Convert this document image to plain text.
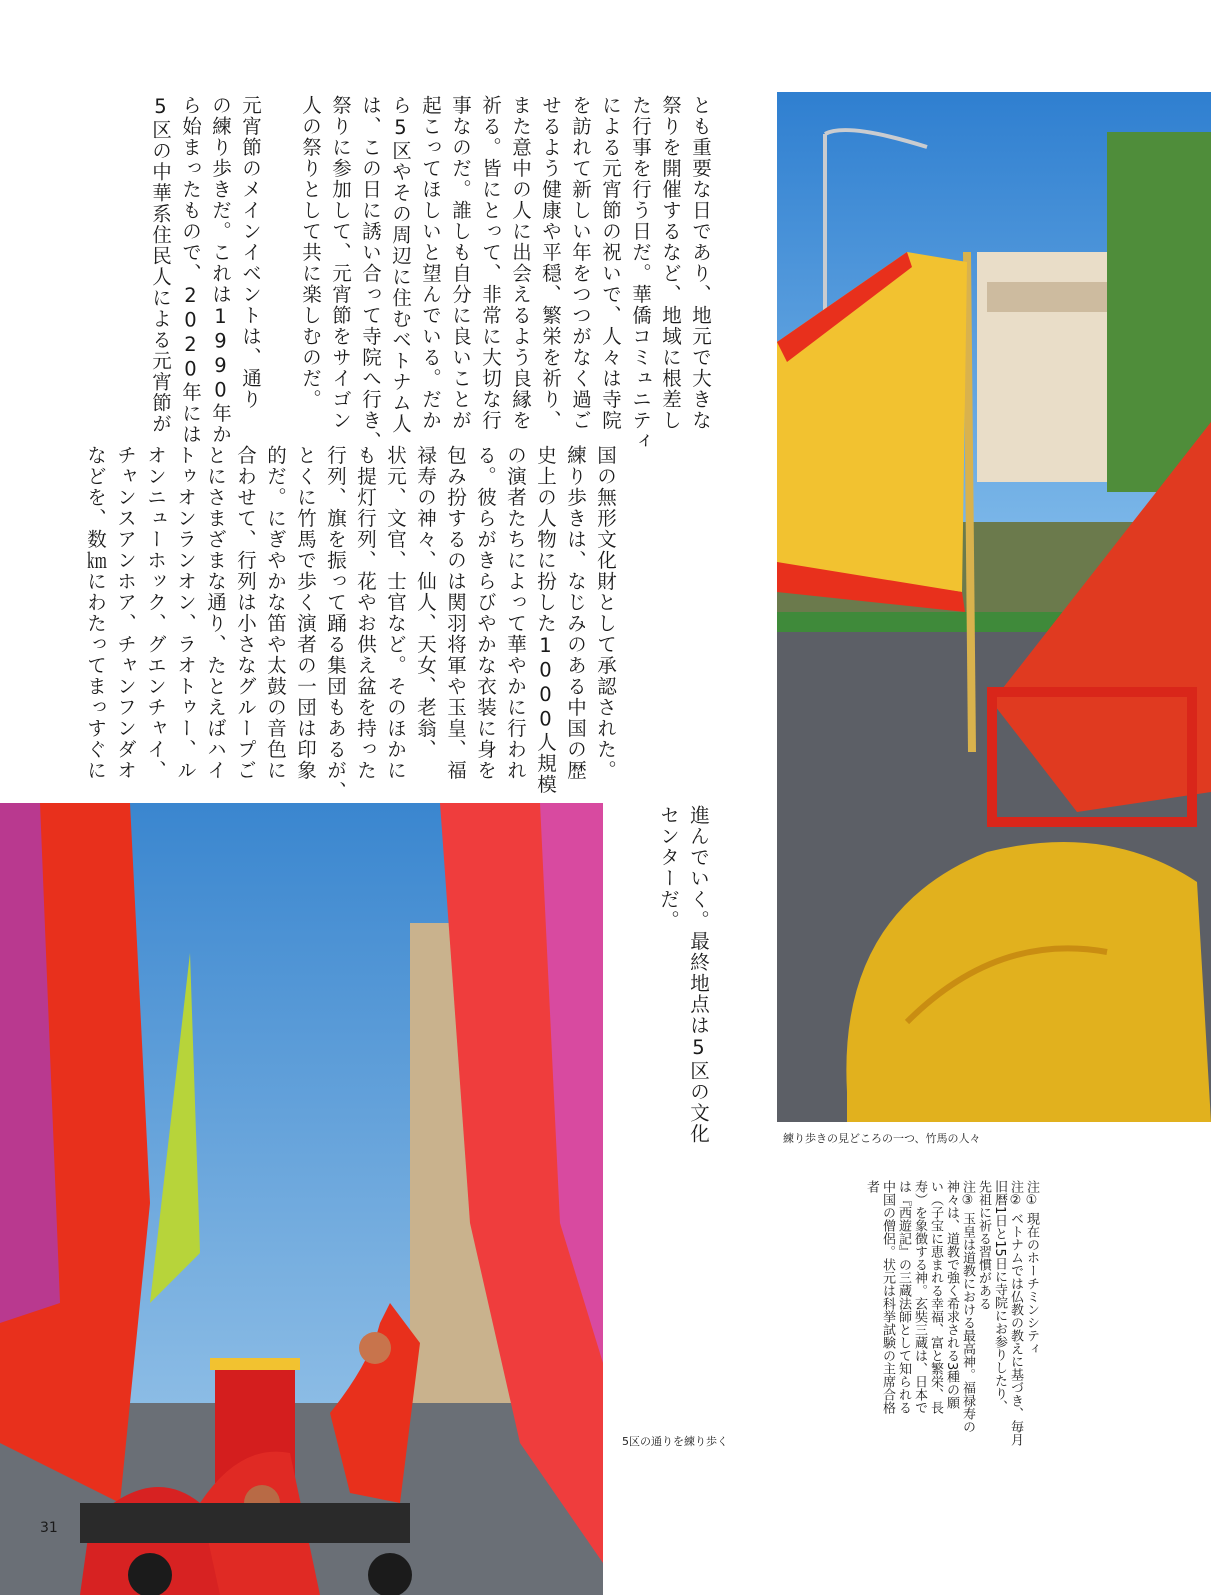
とも重要な日であり、地元で大きな
祭りを開催するなど、地域に根差し
た行事を行う日だ。華僑コミュニティ
による元宵節の祝いで、人々は寺院
を訪れて新しい年をつつがなく過ご
せるよう健康や平穏、繁栄を祈り、
また意中の人に出会えるよう良縁を
祈る。皆にとって、非常に大切な行
事なのだ。誰しも自分に良いことが
起こってほしいと望んでいる。だか
ら5区やその周辺に住むベトナム人
は、この日に誘い合って寺院へ行き、
祭りに参加して、元宵節をサイゴン
人の祭りとして共に楽しむのだ。

元宵節のメインイベントは、通り
の練り歩きだ。これは1990年か
ら始まったもので、2020年には
5区の中華系住民人による元宵節が
国の無形文化財として承認された。
練り歩きは、なじみのある中国の歴
史上の人物に扮した1000人規模
の演者たちによって華やかに行われ
る。彼らがきらびやかな衣装に身を
包み扮するのは関羽将軍や玉皇、福
禄寿の神々、仙人、天女、老翁、
状元、文官、士官など。そのほかに
も提灯行列、花やお供え盆を持った
行列、旗を振って踊る集団もあるが、
とくに竹馬で歩く演者の一団は印象
的だ。にぎやかな笛や太鼓の音色に
合わせて、行列は小さなグループご
とにさまざまな通り、たとえばハイ
トゥオンランオン、ラオトゥー、ル
オンニューホック、グエンチャイ、
チャンスアンホア、チャンフンダオ
などを、数㎞にわたってまっすぐに
進んでいく。最終地点は5区の文化
センターだ。
練り歩きの見どころの一つ、竹馬の人々
5区の通りを練り歩く
注① 現在のホーチミンシティ
注② ベトナムでは仏教の教えに基づき、毎月
旧暦1日と15日に寺院にお参りしたり、
先祖に祈る習慣がある
注③ 玉皇は道教における最高神。福禄寿の
神々は、道教で強く希求される3種の願
い（子宝に恵まれる幸福、富と繁栄、長
寿）を象徴する神。玄奘三蔵は、日本で
は『西遊記』の三蔵法師として知られる
中国の僧侶。状元は科挙試験の主席合格
者
31
